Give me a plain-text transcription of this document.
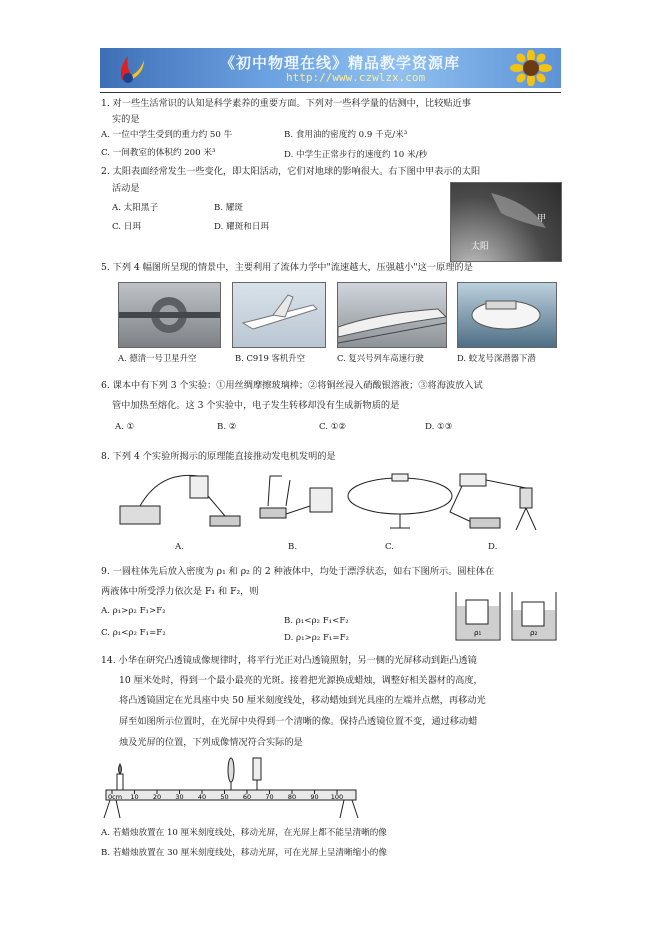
《初中物理在线》精品教学资源库
http://www.czwlzx.com
1. 对一些生活常识的认知是科学素养的重要方面。下列对一些科学量的估测中，比较贴近事
实的是
A. 一位中学生受到的重力约 50 牛	B. 食用油的密度约 0.9 千克/米³
C. 一间教室的体积约 200 米³	D. 中学生正常步行的速度约 10 米/秒
2. 太阳表面经常发生一些变化，即太阳活动，它们对地球的影响很大。右下图中甲表示的太阳
活动是
A. 太阳黑子	B. 耀斑
C. 日珥	D. 耀斑和日珥
甲
太阳
5. 下列 4 幅图所呈现的情景中，主要利用了流体力学中"流速越大，压强越小"这一原理的是
A. 德清一号卫星升空	B. C919 客机升空	C. 复兴号列车高速行驶	D. 蛟龙号深潜器下潜
6. 课本中有下列 3 个实验：①用丝绸摩擦玻璃棒；②将铜丝浸入硝酸银溶液；③将海波放入试
管中加热至熔化。这 3 个实验中，电子发生转移却没有生成新物质的是
A. ①	B. ②	C. ①②	D. ①③
8. 下列 4 个实验所揭示的原理能直接推动发电机发明的是
A.	B.	C.	D.
9. 一圆柱体先后放入密度为 ρ₁ 和 ρ₂ 的 2 种液体中，均处于漂浮状态，如右下图所示。圆柱体在
两液体中所受浮力依次是 F₁ 和 F₂，则
A. ρ₁>ρ₂ F₁>F₂
B. ρ₁<ρ₂ F₁<F₂
C. ρ₁<ρ₂ F₁=F₂	D. ρ₁>ρ₂ F₁=F₂	ρ₁	ρ₂
14. 小华在研究凸透镜成像规律时，将平行光正对凸透镜照射，另一侧的光屏移动到距凸透镜
10 厘米处时，得到一个最小最亮的光斑。接着把光源换成蜡烛，调整好相关器材的高度，
将凸透镜固定在光具座中央 50 厘米刻度线处，移动蜡烛到光具座的左端并点燃，再移动光
屏至如图所示位置时，在光屏中央得到一个清晰的像。保持凸透镜位置不变，通过移动蜡
烛及光屏的位置，下列成像情况符合实际的是
0cm 10 20 30 40 50 60 70 80 90 100
A. 若蜡烛放置在 10 厘米刻度线处，移动光屏，在光屏上都不能呈清晰的像
B. 若蜡烛放置在 30 厘米刻度线处，移动光屏，可在光屏上呈清晰缩小的像
